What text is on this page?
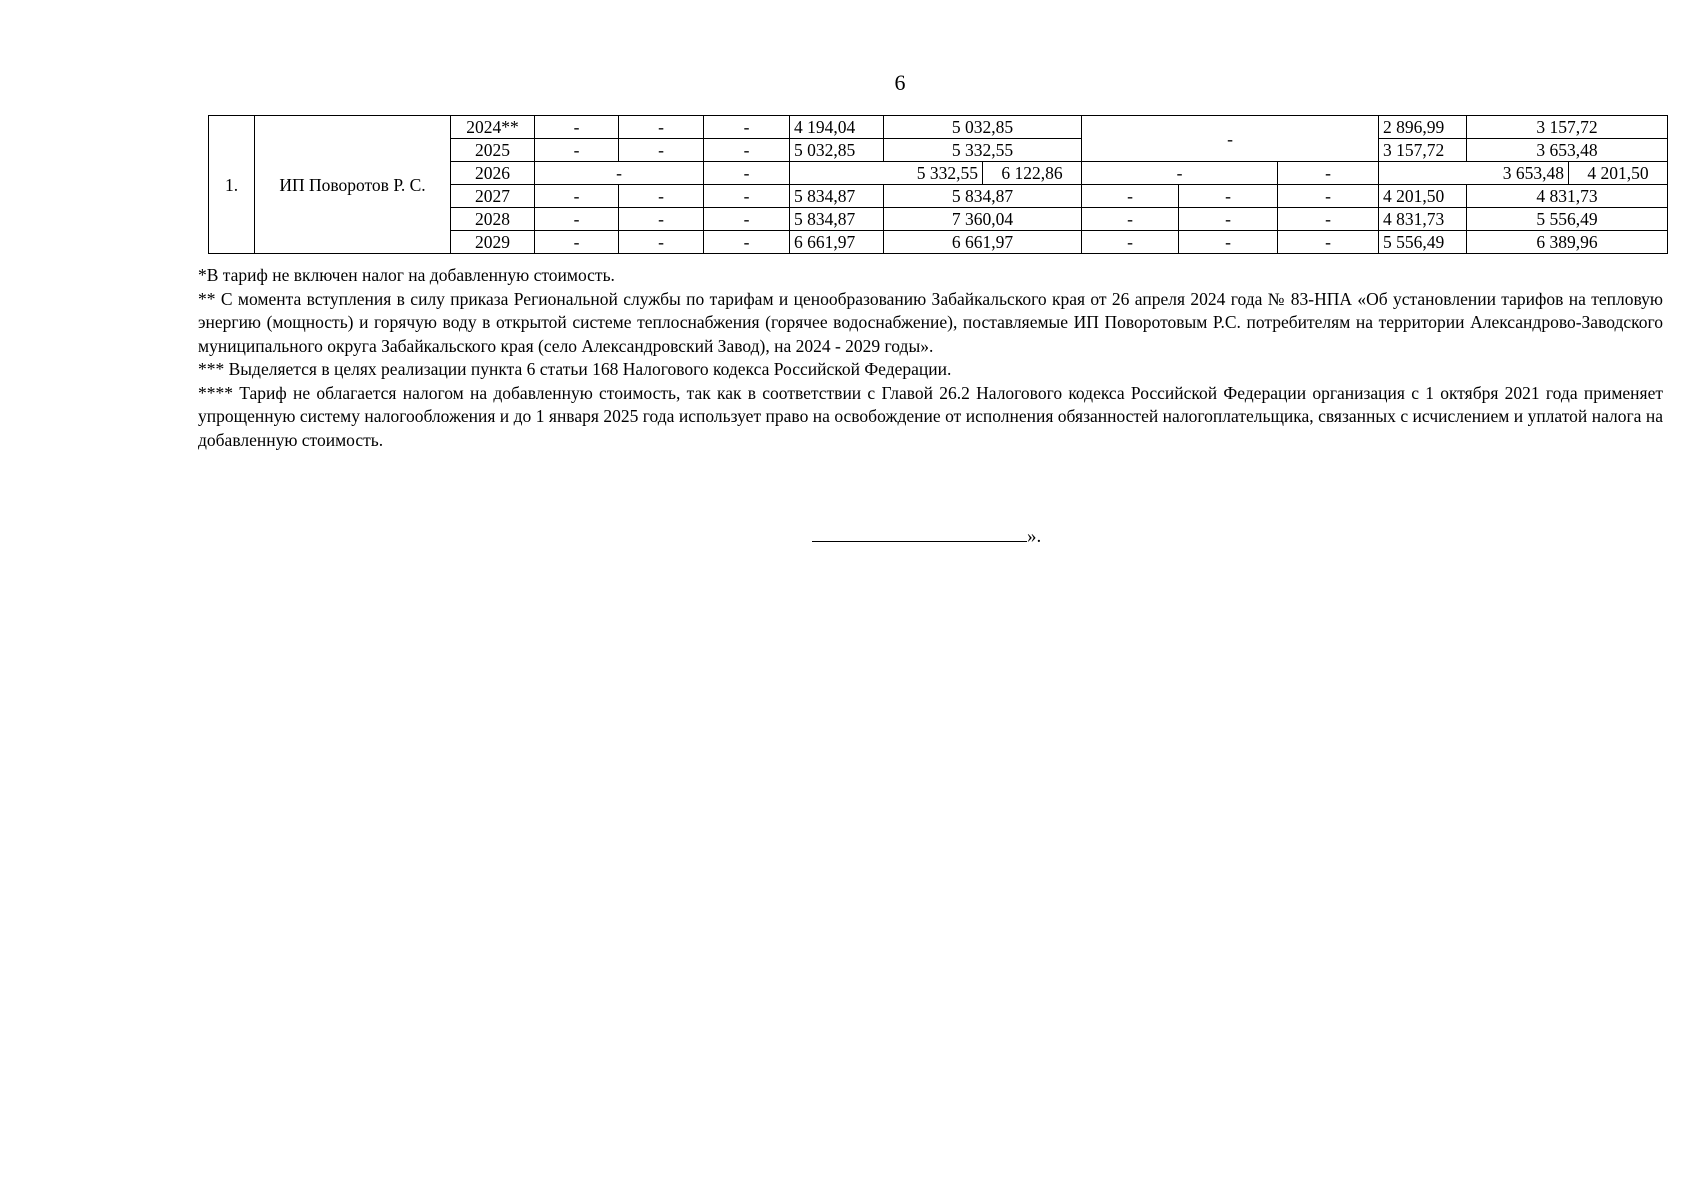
6
1.	ИП Поворотов Р. С.	2024**	-	-	-	4 194,04	5 032,85		-			2 896,99	3 157,72	
		2025	-	-	-	5 032,85	5 332,55					3 157,72	3 653,48	
		2026	-		-	5 332,55		6 122,86	-		-	3 653,48		4 201,50
		2027	-	-	-	5 834,87	5 834,87		-	-	-	4 201,50	4 831,73	
		2028	-	-	-	5 834,87	7 360,04		-	-	-	4 831,73	5 556,49	
		2029	-	-	-	6 661,97	6 661,97		-	-	-	5 556,49	6 389,96	

*В тариф не включен налог на добавленную стоимость.

** С момента вступления в силу приказа Региональной службы по тарифам и ценообразованию Забайкальского края от 26 апреля 2024 года № 83-НПА «Об установлении тарифов на тепловую энергию (мощность) и горячую воду в открытой системе теплоснабжения (горячее водоснабжение), поставляемые ИП Поворотовым Р.С. потребителям на территории Александрово-Заводского муниципального округа Забайкальского края (село Александровский Завод), на 2024 - 2029 годы».

*** Выделяется в целях реализации пункта 6 статьи 168 Налогового кодекса Российской Федерации.

**** Тариф не облагается налогом на добавленную стоимость, так как в соответствии с Главой 26.2 Налогового кодекса Российской Федерации организация с 1 октября 2021 года применяет упрощенную систему налогообложения и до 1 января 2025 года использует право на освобождение от исполнения обязанностей налогоплательщика, связанных с исчислением и уплатой налога на добавленную стоимость.

».
